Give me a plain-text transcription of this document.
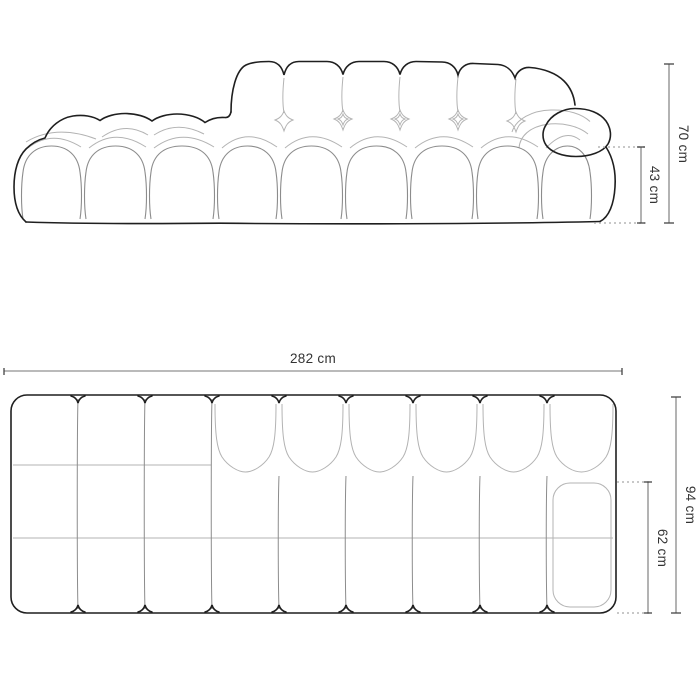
70 cm
43 cm
282 cm
94 cm
62 cm
